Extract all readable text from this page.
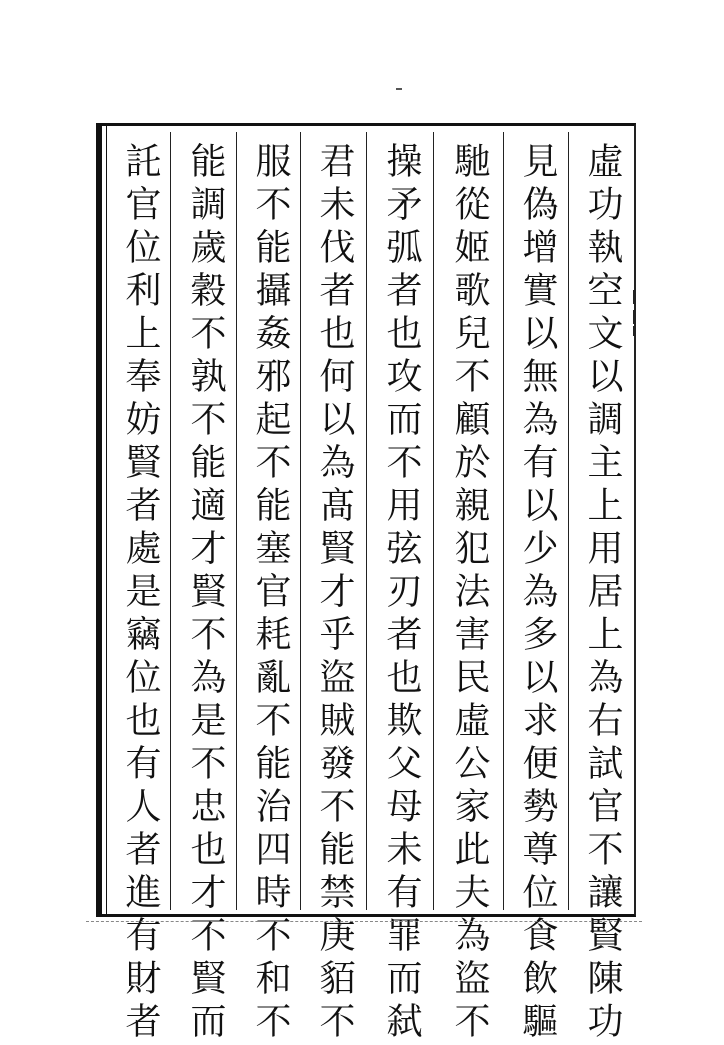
虛功執空文以調主上用居上為右試官不讓賢陳功
見偽增實以無為有以少為多以求便勢尊位食飲驅
馳從姬歌兒不顧於親犯法害民虛公家此夫為盜不
操矛弧者也攻而不用弦刃者也欺父母未有罪而弑
君未伐者也何以為髙賢才乎盜賊發不能禁庚貊不
服不能攝姦邪起不能塞官耗亂不能治四時不和不
能調歲穀不孰不能適才賢不為是不忠也才不賢而
託官位利上奉妨賢者處是竊位也有人者進有財者
